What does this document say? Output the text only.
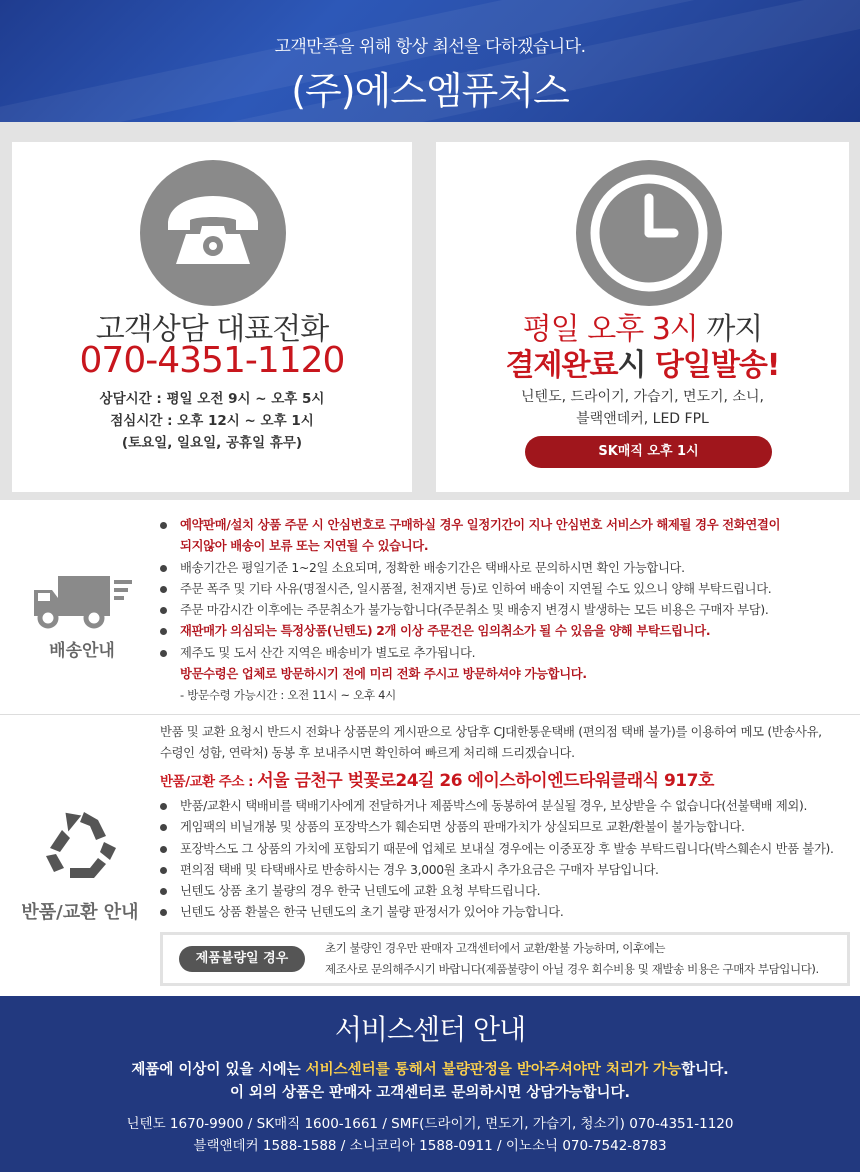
고객만족을 위해 항상 최선을 다하겠습니다.
(주)에스엠퓨처스
고객상담 대표전화
070-4351-1120
상담시간 : 평일 오전 9시 ~ 오후 5시
점심시간 : 오후 12시 ~ 오후 1시
(토요일, 일요일, 공휴일 휴무)
평일 오후 3시 까지
결제완료시 당일발송!
닌텐도, 드라이기, 가습기, 면도기, 소니,
블랙앤데커, LED FPL
SK매직 오후 1시
배송안내
예약판매/설치 상품 주문 시 안심번호로 구매하실 경우 일정기간이 지나 안심번호 서비스가 해제될 경우 전화연결이
되지않아 배송이 보류 또는 지연될 수 있습니다.
배송기간은 평일기준 1~2일 소요되며, 정확한 배송기간은 택배사로 문의하시면 확인 가능합니다.
주문 폭주 및 기타 사유(명절시즌, 일시품절, 천재지변 등)로 인하여 배송이 지연될 수도 있으니 양해 부탁드립니다.
주문 마감시간 이후에는 주문취소가 불가능합니다(주문취소 및 배송지 변경시 발생하는 모든 비용은 구매자 부담).
재판매가 의심되는 특정상품(닌텐도) 2개 이상 주문건은 임의취소가 될 수 있음을 양해 부탁드립니다.
제주도 및 도서 산간 지역은 배송비가 별도로 추가됩니다.
방문수령은 업체로 방문하시기 전에 미리 전화 주시고 방문하셔야 가능합니다.
- 방문수령 가능시간 : 오전 11시 ~ 오후 4시
반품 및 교환 요청시 반드시 전화나 상품문의 게시판으로 상담후 CJ대한통운택배 (편의점 택배 불가)를 이용하여 메모 (반송사유,
수령인 성함, 연락처) 동봉 후 보내주시면 확인하여 빠르게 처리해 드리겠습니다.
반품/교환 주소 : 서울 금천구 벚꽃로24길 26 에이스하이엔드타워클래식 917호
반품/교환 안내
반품/교환시 택배비를 택배기사에게 전달하거나 제품박스에 동봉하여 분실될 경우, 보상받을 수 없습니다(선불택배 제외).
게임팩의 비닐개봉 및 상품의 포장박스가 훼손되면 상품의 판매가치가 상실되므로 교환/환불이 불가능합니다.
포장박스도 그 상품의 가치에 포함되기 때문에 업체로 보내실 경우에는 이중포장 후 발송 부탁드립니다(박스훼손시 반품 불가).
편의점 택배 및 타택배사로 반송하시는 경우 3,000원 초과시 추가요금은 구매자 부담입니다.
닌텐도 상품 초기 불량의 경우 한국 닌텐도에 교환 요청 부탁드립니다.
닌텐도 상품 환불은 한국 닌텐도의 초기 불량 판정서가 있어야 가능합니다.
제품불량일 경우
초기 불량인 경우만 판매자 고객센터에서 교환/환불 가능하며, 이후에는
제조사로 문의해주시기 바랍니다(제품불량이 아닐 경우 회수비용 및 재발송 비용은 구매자 부담입니다).
서비스센터 안내
제품에 이상이 있을 시에는 서비스센터를 통해서 불량판정을 받아주셔야만 처리가 가능합니다.
이 외의 상품은 판매자 고객센터로 문의하시면 상담가능합니다.
닌텐도 1670-9900 / SK매직 1600-1661 / SMF(드라이기, 면도기, 가습기, 청소기) 070-4351-1120
블랙앤데커 1588-1588 / 소니코리아 1588-0911 / 이노소닉 070-7542-8783
